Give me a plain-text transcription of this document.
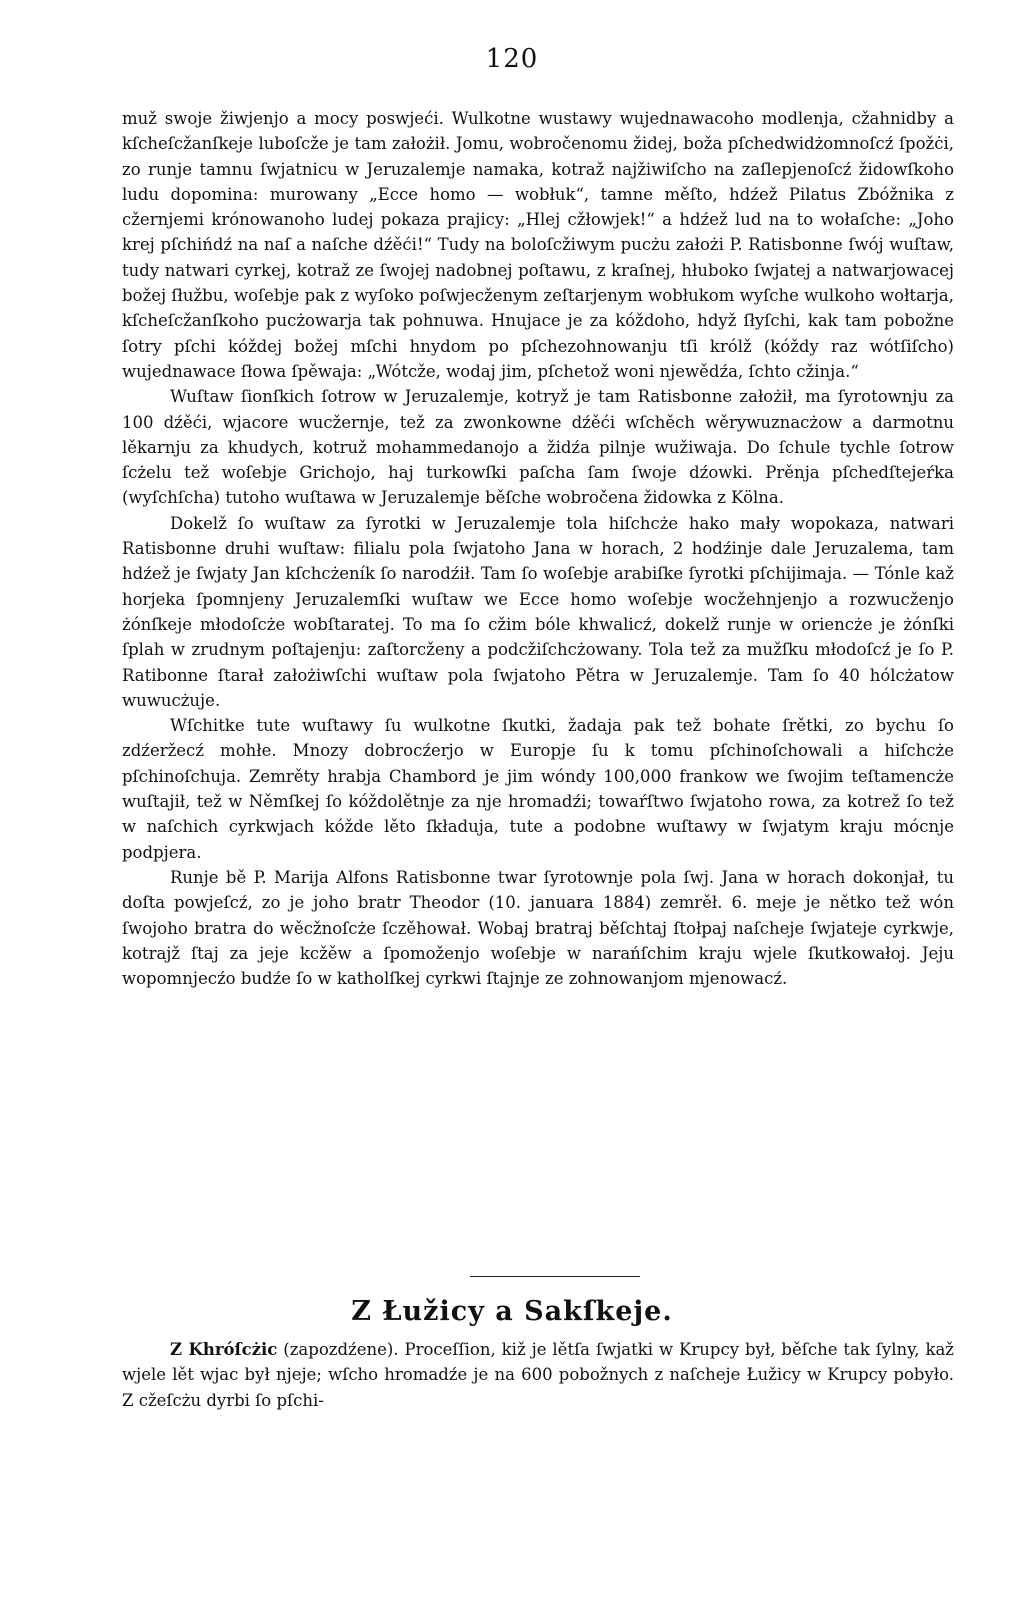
120

muž swoje žiwjenjo a mocy poswjeći. Wulkotne wustawy wujednawacoho modlenja, cžahnidby a kſcheſcžanſkeje luboſcže je tam założił. Jomu, wobročenomu židej, boža pſchedwidżomnoſcź ſpožċi, zo runje tamnu ſwjatnicu w Jeruzalemje namaka, kotraž najžiwiſcho na zaſlepjenoſcź židowſkoho ludu dopomina: murowany „Ecce homo — wobłuk“, tamne měſto, hdźež Pilatus Zbóžnika z cžernjemi krónowanoho ludej pokaza prajicy: „Hlej cžłowjek!“ a hdźež lud na to wołaſche: „Joho krej pſchińdź na naſ a naſche dźěći!“ Tudy na boloſcžiwym pucżu założi P. Ratisbonne ſwój wuſtaw, tudy natwari cyrkej, kotraž ze ſwojej nadobnej poſtawu, z kraſnej, hłuboko ſwjatej a natwarjowacej božej ſłužbu, woſebje pak z wyſoko poſwjecženym zeſtarjenym wobłukom wyſche wulkoho wołtarja, kſcheſcžanſkoho pucżowarja tak pohnuwa. Hnujace je za kóždoho, hdyž ſłyſchi, kak tam pobožne ſotry pſchi kóždej božej mſchi hnydom po pſchezohnowanju tſi królž (kóždy raz wótſiſcho) wujednawace ſłowa ſpěwaja: „Wótcže, wodaj jim, pſchetož woni njewědźa, ſchto cžinja.“

Wuſtaw ſionſkich ſotrow w Jeruzalemje, kotryž je tam Ratisbonne założił, ma ſyrotownju za 100 dźěći, wjacore wucžernje, tež za zwonkowne dźěći wſchěch wěrywuznacżow a darmotnu lěkarnju za khudych, kotruž mohammedanojo a židźa pilnje wužiwaja. Do ſchule tychle ſotrow ſcżelu tež woſebje Grichojo, haj turkowſki paſcha ſam ſwoje dźowki. Prěnja pſchedſtejeŕka (wyſchſcha) tutoho wuſtawa w Jeruzalemje běſche wobročena židowka z Kölna.

Dokelž ſo wuſtaw za ſyrotki w Jeruzalemje tola hiſchcże hako mały wopokaza, natwari Ratisbonne druhi wuſtaw: filialu pola ſwjatoho Jana w horach, 2 hodźinje dale Jeruzalema, tam hdźež je ſwjaty Jan kſchcżeník ſo narodźił. Tam ſo woſebje arabiſke ſyrotki pſchijimaja. — Tónle kaž horjeka ſpomnjeny Jeruzalemſki wuſtaw we Ecce homo woſebje wocžehnjenjo a rozwucženjo żónſkeje młodoſcże wobſtaratej. To ma ſo cžim bóle khwalicź, dokelž runje w oriencże je żónſki ſplah w zrudnym poſtajenju: zaſtorcženy a podcžiſchcżowany. Tola tež za mužſku młodoſcź je ſo P. Ratibonne ſtarał założiwſchi wuſtaw pola ſwjatoho Pětra w Jeruzalemje. Tam ſo 40 hólcżatow wuwucżuje.

Wſchitke tute wuſtawy ſu wulkotne ſkutki, žadaja pak tež bohate ſrětki, zo bychu ſo zdźeržecź mohłe. Mnozy dobrocźerjo w Europje ſu k tomu pſchinoſchowali a hiſchcże pſchinoſchuja. Zemrěty hrabja Chambord je jim wóndy 100,000 frankow we ſwojim teſtamencże wuſtajił, tež w Němſkej ſo kóždolětnje za nje hromadźi; towaŕſtwo ſwjatoho rowa, za kotrež ſo tež w naſchich cyrkwjach kóžde lěto ſkładuja, tute a podobne wuſtawy w ſwjatym kraju mócnje podpjera.

Runje bě P. Marija Alfons Ratisbonne twar ſyrotownje pola ſwj. Jana w horach dokonjał, tu doſta powjeſcź, zo je joho bratr Theodor (10. januara 1884) zemrěł. 6. meje je nětko tež wón ſwojoho bratra do wěcžnoſcże ſczěhował. Wobaj bratraj běſchtaj ſtołpaj naſcheje ſwjateje cyrkwje, kotrajž ſtaj za jeje kcžěw a ſpomoženjo woſebje w narańſchim kraju wjele ſkutkowałoj. Jeju wopomnjecźo budźe ſo w katholſkej cyrkwi ſtajnje ze zohnowanjom mjenowacź.

Z Łužicy a Sakſkeje.

Z Khróſcżic (zapozdźene). Proceſſion, kiž je lětſa ſwjatki w Krupcy był, běſche tak ſylny, kaž wjele lět wjac był njeje; wſcho hromadźe je na 600 pobožnych z naſcheje Łužicy w Krupcy pobyło. Z cžeſcżu dyrbi ſo pſchi-
